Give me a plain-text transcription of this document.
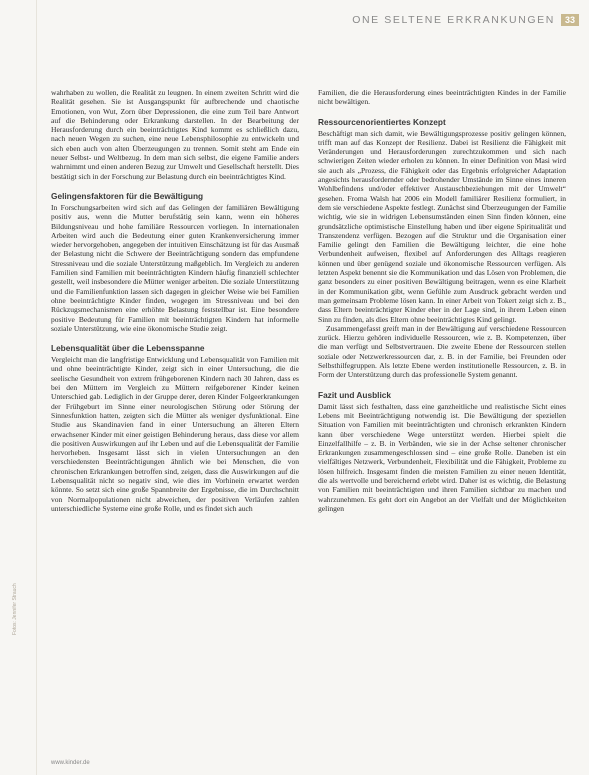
ONE SELTENE ERKRANKUNGEN	33

wahrhaben zu wollen, die Realität zu leugnen. In einem zweiten Schritt wird die Realität gesehen. Sie ist Ausgangspunkt für aufbrechende und chaotische Emotionen, von Wut, Zorn über Depressionen, die eine zum Teil bare Antwort auf die Behinderung oder Erkrankung darstellen. In der Bearbeitung der Herausforderung durch ein beeinträchtigtes Kind kommt es schließlich dazu, nach neuen Wegen zu suchen, eine neue Lebensphilosophie zu entwickeln und sich eben auch von alten Überzeugungen zu trennen. Somit steht am Ende ein neuer Selbst- und Weltbezug. In dem man sich selbst, die eigene Familie anders wahrnimmt und einen anderen Bezug zur Umwelt und Gesellschaft herstellt. Dies bestätigt sich in der Forschung zur Belastung durch ein beeinträchtigtes Kind.

Gelingensfaktoren für die Bewältigung

In Forschungsarbeiten wird sich auf das Gelingen der familiären Bewältigung positiv aus, wenn die Mutter berufstätig sein kann, wenn ein höheres Bildungsniveau und hohe familiäre Ressourcen vorliegen. In internationalen Arbeiten wird auch die Bedeutung einer guten Krankenversicherung immer wieder hervorgehoben, angegeben der intuitiven Einschätzung ist für das Ausmaß der Belastung nicht die Schwere der Beeinträchtigung sondern das empfundene Stressniveau und die soziale Unterstützung maßgeblich. Im Vergleich zu anderen Familien sind Familien mit beeinträchtigten Kindern häufig finanziell schlechter gestellt, weil insbesondere die Mütter weniger arbeiten. Die soziale Unterstützung und die Familienfunktion lassen sich dagegen in gleicher Weise wie bei Familien ohne beeinträchtigte Kinder finden, wogegen im Stressniveau und bei den Rückzugsmechanismen eine erhöhte Belastung feststellbar ist. Eine besondere positive Bedeutung für Familien mit beeinträchtigten Kindern hat informelle soziale Unterstützung, wie eine ökonomische Studie zeigt.

Lebensqualität über die Lebensspanne

Vergleicht man die langfristige Entwicklung und Lebensqualität von Familien mit und ohne beeinträchtigte Kinder, zeigt sich in einer Untersuchung, die die seelische Gesundheit von extrem frühgeborenen Kindern nach 30 Jahren, dass es bei den Müttern im Vergleich zu Müttern reifgeborener Kinder keinen Unterschied gab. Lediglich in der Gruppe derer, deren Kinder Folgeerkrankungen der Frühgeburt im Sinne einer neurologischen Störung oder Störung der Sinnesfunktion hatten, zeigten sich die Mütter als weniger dysfunktional. Eine Studie aus Skandinavien fand in einer Untersuchung an älteren Eltern erwachsener Kinder mit einer geistigen Behinderung heraus, dass diese vor allem die positiven Auswirkungen auf ihr Leben und auf die Lebensqualität der Familie hervorheben. Insgesamt lässt sich in vielen Untersuchungen an den verschiedensten Beeinträchtigungen ähnlich wie bei Menschen, die von chronischen Erkrankungen betroffen sind, zeigen, dass die Auswirkungen auf die Lebensqualität nicht so negativ sind, wie dies im Vorhinein erwartet werden könnte. So setzt sich eine große Spannbreite der Ergebnisse, die im Durchschnitt von Normalpopulationen nicht abweichen, der positiven Verläufen zahlen unterschiedliche Systeme eine große Rolle, und es findet sich auch

Familien, die die Herausforderung eines beeinträchtigten Kindes in der Familie nicht bewältigen.

Ressourcenorientiertes Konzept

Beschäftigt man sich damit, wie Bewältigungsprozesse positiv gelingen können, trifft man auf das Konzept der Resilienz. Dabei ist Resilienz die Fähigkeit mit Veränderungen und Herausforderungen zurechtzukommen und sich nach schwierigen Zeiten wieder erholen zu können. In einer Definition von Masi wird sie auch als „Prozess, die Fähigkeit oder das Ergebnis erfolgreicher Adaptation angesichts herausfordernder oder bedrohender Umstände im Sinne eines inneren Wohlbefindens und/oder effektiver Austauschbeziehungen mit der Umwelt“ gesehen. Froma Walsh hat 2006 ein Modell familiärer Resilienz formuliert, in dem sie verschiedene Aspekte festlegt. Zunächst sind Überzeugungen der Familie wichtig, wie sie in widrigen Lebensumständen einen Sinn finden können, eine grundsätzliche optimistische Einstellung haben und über eigene Spiritualität und Transzendenz verfügen. Bezogen auf die Struktur und die Organisation einer Familie gelingt den Familien die Bewältigung leichter, die eine hohe Verbundenheit aufweisen, flexibel auf Anforderungen des Alltags reagieren können und über genügend soziale und ökonomische Ressourcen verfügen. Als letzten Aspekt benennt sie die Kommunikation und das Lösen von Problemen, die ganz besonders zu einer positiven Bewältigung beitragen, wenn es eine Klarheit in der Kommunikation gibt, wenn Gefühle zum Ausdruck gebracht werden und man gemeinsam Probleme lösen kann. In einer Arbeit von Tokert zeigt sich z. B., dass Eltern beeinträchtigter Kinder eher in der Lage sind, in ihrem Leben einen Sinn zu finden, als dies Eltern ohne beeinträchtigtes Kind gelingt.

Zusammengefasst greift man in der Bewältigung auf verschiedene Ressourcen zurück. Hierzu gehören individuelle Ressourcen, wie z. B. Kompetenzen, über die man verfügt und Selbstvertrauen. Die zweite Ebene der Ressourcen stellen soziale oder Netzwerkressourcen dar, z. B. in der Familie, bei Freunden oder Selbsthilfegruppen. Als letzte Ebene werden institutionelle Ressourcen, z. B. in Form der Unterstützung durch das professionelle System genannt.

Fazit und Ausblick

Damit lässt sich festhalten, dass eine ganzheitliche und realistische Sicht eines Lebens mit Beeinträchtigung notwendig ist. Die Bewältigung der speziellen Situation von Familien mit beeinträchtigten und chronisch erkrankten Kindern kann über verschiedene Wege unterstützt werden. Hierbei spielt die Einzelfallhilfe – z. B. in Verbänden, wie sie in der Achse seltener chronischer Erkrankungen zusammengeschlossen sind – eine große Rolle. Daneben ist ein vielfältiges Netzwerk, Verbundenheit, Flexibilität und die Fähigkeit, Probleme zu lösen hilfreich. Insgesamt finden die meisten Familien zu einer neuen Identität, die als wertvolle und bereichernd erlebt wird. Daher ist es wichtig, die Belastung von Familien mit beeinträchtigten und ihren Familien sichtbar zu machen und wahrzunehmen. Es geht dort ein Angebot an der Vielfalt und der Möglichkeiten gelingen

Fotos: Jennifer Strauch
www.kinder.de
